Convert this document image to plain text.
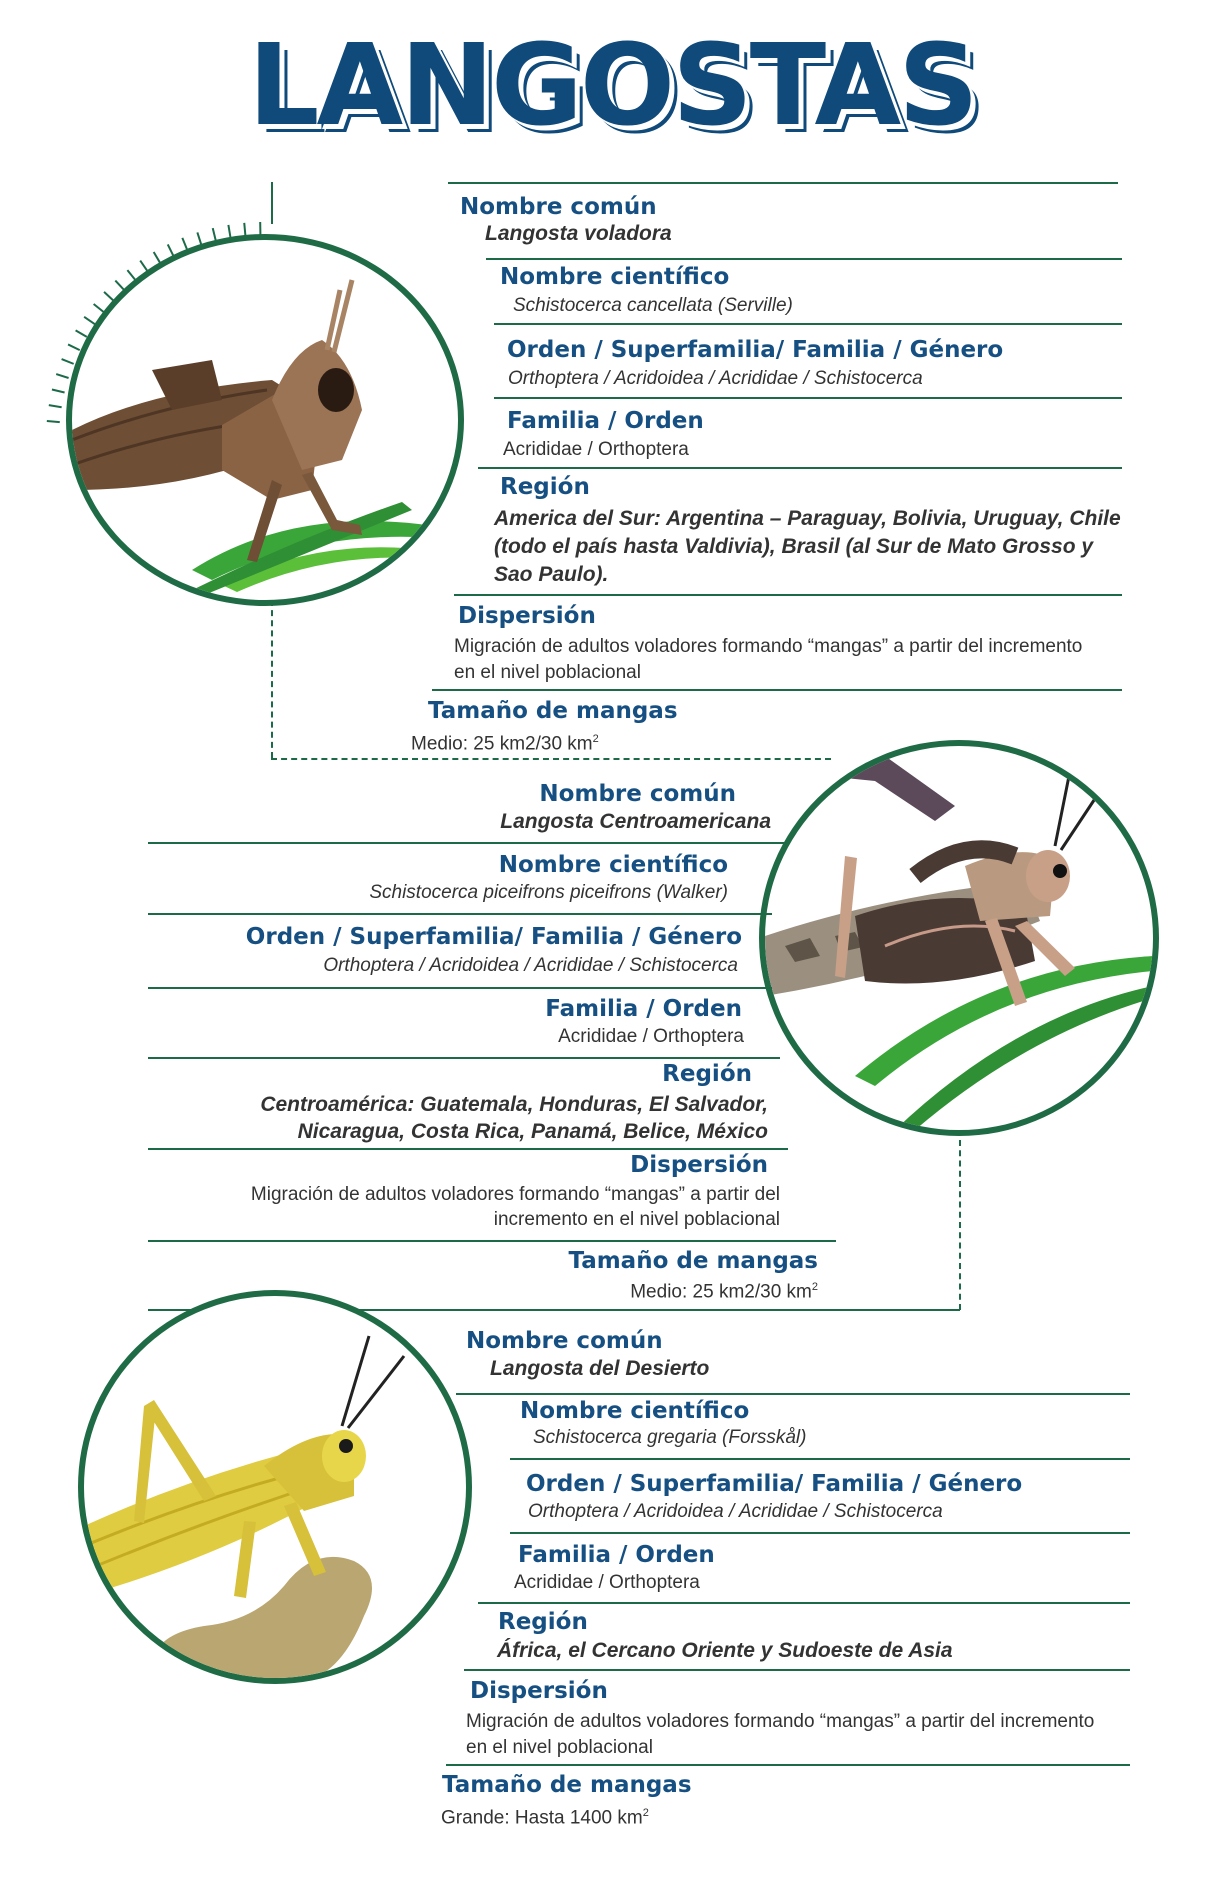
LANGOSTAS
Nombre común
Langosta voladora
Nombre científico
Schistocerca cancellata (Serville)
Orden / Superfamilia/ Familia / Género
Orthoptera / Acridoidea / Acrididae / Schistocerca
Familia / Orden
Acrididae / Orthoptera
Región
America del Sur: Argentina – Paraguay, Bolivia, Uruguay, Chile (todo el país hasta Valdivia), Brasil (al Sur de Mato Grosso y Sao Paulo).
Dispersión
Migración de adultos voladores formando “mangas” a partir del incremento en el nivel poblacional
Tamaño de mangas
Medio: 25 km2/30 $km^2$
Nombre común
Langosta Centroamericana
Nombre científico
Schistocerca piceifrons piceifrons (Walker)
Orden / Superfamilia/ Familia / Género
Orthoptera / Acridoidea / Acrididae / Schistocerca
Familia / Orden
Acrididae / Orthoptera
Región
Centroamérica: Guatemala, Honduras, El Salvador,
Nicaragua, Costa Rica, Panamá, Belice, México
Dispersión
Migración de adultos voladores formando “mangas” a partir del
incremento en el nivel poblacional
Tamaño de mangas
Medio: 25 km2/30 $km^2$
Nombre común
Langosta del Desierto
Nombre científico
Schistocerca gregaria (Forsskål)
Orden / Superfamilia/ Familia / Género
Orthoptera / Acridoidea / Acrididae / Schistocerca
Familia / Orden
Acrididae / Orthoptera
Región
África, el Cercano Oriente y Sudoeste de Asia
Dispersión
Migración de adultos voladores formando “mangas” a partir del incremento en el nivel poblacional
Tamaño de mangas
Grande: Hasta 1400 $km^2$
